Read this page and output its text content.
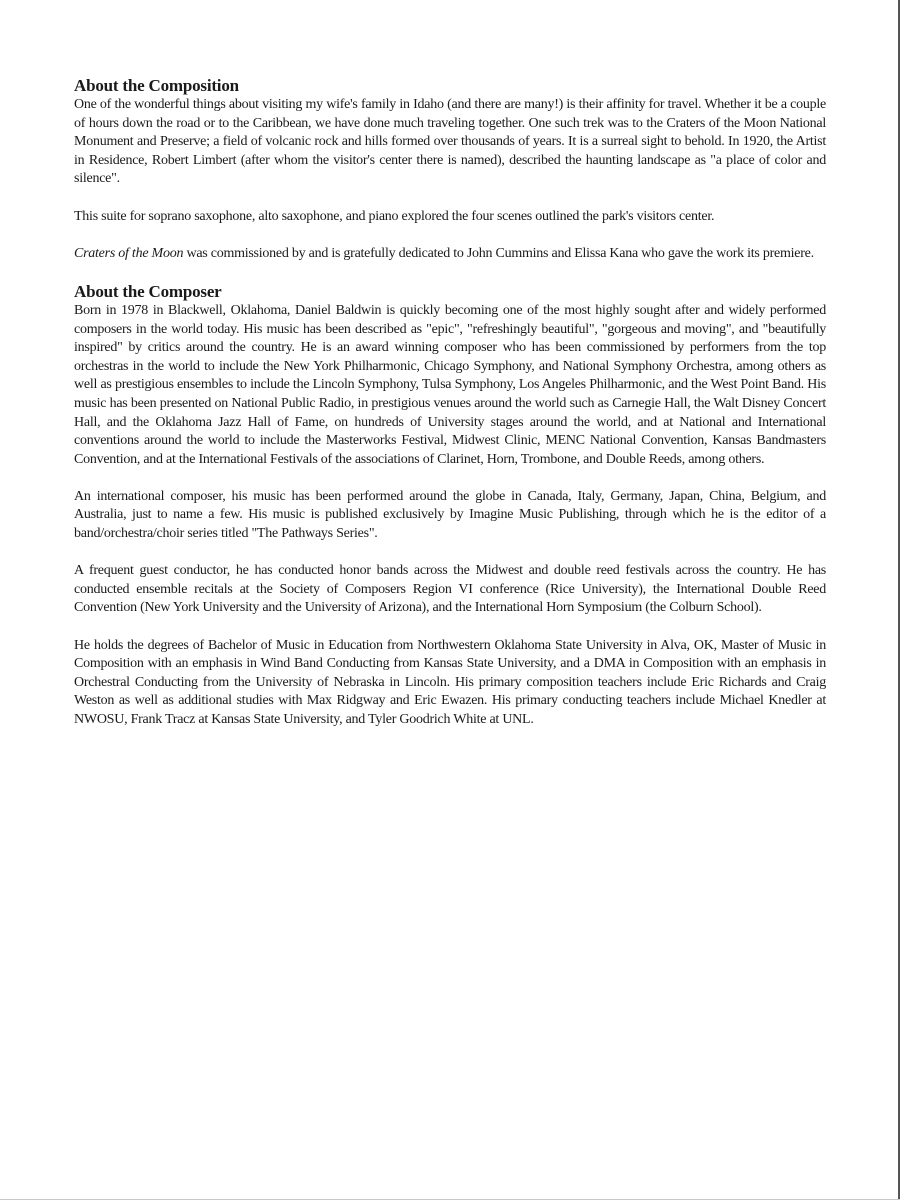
About the Composition

One of the wonderful things about visiting my wife's family in Idaho (and there are many!) is their affinity for travel. Whether it be a couple of hours down the road or to the Caribbean, we have done much traveling together. One such trek was to the Craters of the Moon National Monument and Preserve; a field of volcanic rock and hills formed over thousands of years. It is a surreal sight to behold. In 1920, the Artist in Residence, Robert Limbert (after whom the visitor's center there is named), described the haunting landscape as "a place of color and silence".

This suite for soprano saxophone, alto saxophone, and piano explored the four scenes outlined the park's visitors center.

Craters of the Moon was commissioned by and is gratefully dedicated to John Cummins and Elissa Kana who gave the work its premiere.

About the Composer

Born in 1978 in Blackwell, Oklahoma, Daniel Baldwin is quickly becoming one of the most highly sought after and widely performed composers in the world today. His music has been described as "epic", "refreshingly beautiful", "gorgeous and moving", and "beautifully inspired" by critics around the country. He is an award winning composer who has been commissioned by performers from the top orchestras in the world to include the New York Philharmonic, Chicago Symphony, and National Symphony Orchestra, among others as well as prestigious ensembles to include the Lincoln Symphony, Tulsa Symphony, Los Angeles Philharmonic, and the West Point Band. His music has been presented on National Public Radio, in prestigious venues around the world such as Carnegie Hall, the Walt Disney Concert Hall, and the Oklahoma Jazz Hall of Fame, on hundreds of University stages around the world, and at National and International conventions around the world to include the Masterworks Festival, Midwest Clinic, MENC National Convention, Kansas Bandmasters Convention, and at the International Festivals of the associations of Clarinet, Horn, Trombone, and Double Reeds, among others.

An international composer, his music has been performed around the globe in Canada, Italy, Germany, Japan, China, Belgium, and Australia, just to name a few. His music is published exclusively by Imagine Music Publishing, through which he is the editor of a band/orchestra/choir series titled "The Pathways Series".

A frequent guest conductor, he has conducted honor bands across the Midwest and double reed festivals across the country. He has conducted ensemble recitals at the Society of Composers Region VI conference (Rice University), the International Double Reed Convention (New York University and the University of Arizona), and the International Horn Symposium (the Colburn School).

He holds the degrees of Bachelor of Music in Education from Northwestern Oklahoma State University in Alva, OK, Master of Music in Composition with an emphasis in Wind Band Conducting from Kansas State University, and a DMA in Composition with an emphasis in Orchestral Conducting from the University of Nebraska in Lincoln. His primary composition teachers include Eric Richards and Craig Weston as well as additional studies with Max Ridgway and Eric Ewazen. His primary conducting teachers include Michael Knedler at NWOSU, Frank Tracz at Kansas State University, and Tyler Goodrich White at UNL.
